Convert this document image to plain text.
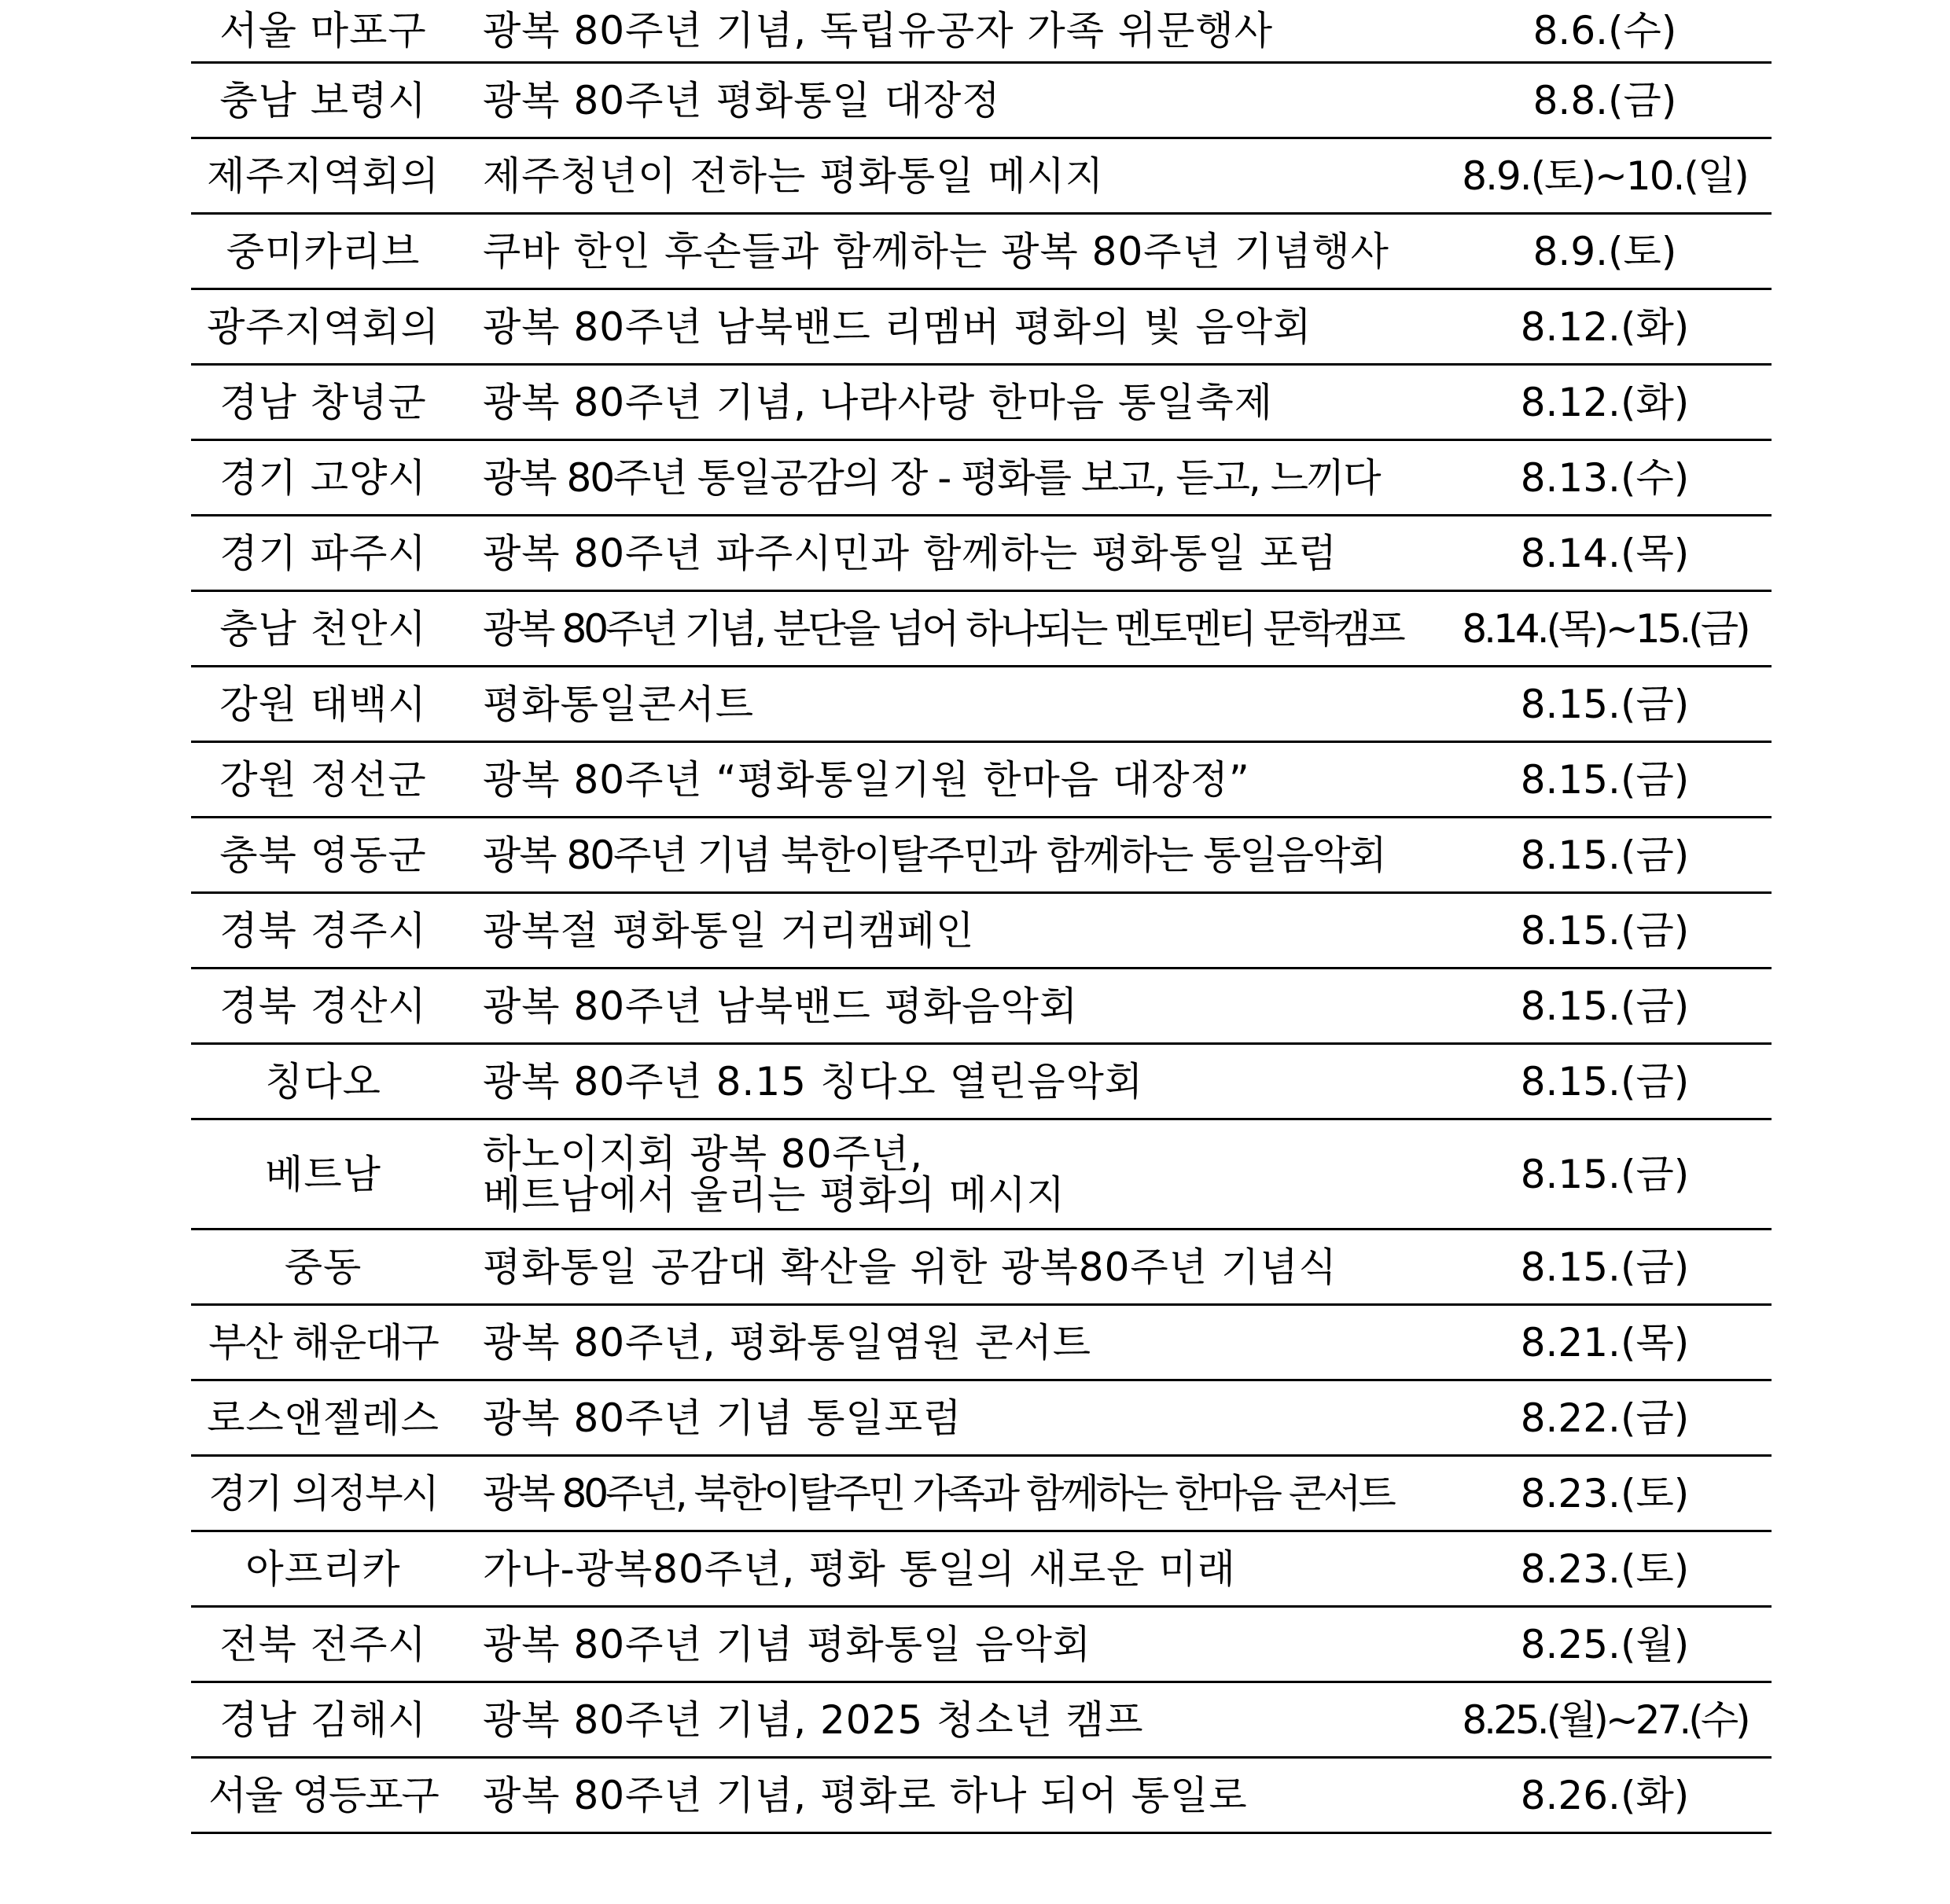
서울 마포구	광복 80주년 기념, 독립유공자 가족 위문행사	8.6.(수)
충남 보령시	광복 80주년 평화통일 대장정	8.8.(금)
제주지역회의	제주청년이 전하는 평화통일 메시지	8.9.(토)~10.(일)
중미카리브	쿠바 한인 후손들과 함께하는 광복 80주년 기념행사	8.9.(토)
광주지역회의	광복 80주년 남북밴드 리멤버 평화의 빛 음악회	8.12.(화)
경남 창녕군	광복 80주년 기념, 나라사랑 한마음 통일축제	8.12.(화)
경기 고양시	광복 80주년 통일공감의 장 - 평화를 보고, 듣고, 느끼다	8.13.(수)
경기 파주시	광복 80주년 파주시민과 함께하는 평화통일 포럼	8.14.(목)
충남 천안시	광복 80주년 기념, 분단을 넘어 하나되는 멘토멘티 문학캠프	8.14.(목)~15.(금)
강원 태백시	평화통일콘서트	8.15.(금)
강원 정선군	광복 80주년 “평화통일기원 한마음 대장정”	8.15.(금)
충북 영동군	광복 80주년 기념 북한이탈주민과 함께하는 통일음악회	8.15.(금)
경북 경주시	광복절 평화통일 거리캠페인	8.15.(금)
경북 경산시	광복 80주년 남북밴드 평화음악회	8.15.(금)
칭다오	광복 80주년 8.15 칭다오 열린음악회	8.15.(금)
베트남	하노이지회 광복 80주년,
베트남에서 울리는 평화의 메시지	8.15.(금)
중동	평화통일 공감대 확산을 위한 광복80주년 기념식	8.15.(금)
부산 해운대구	광복 80주년, 평화통일염원 콘서트	8.21.(목)
로스앤젤레스	광복 80주년 기념 통일포럼	8.22.(금)
경기 의정부시	광복 80주년, 북한이탈주민 가족과 함께하는 한마음 콘서트	8.23.(토)
아프리카	가나-광복80주년, 평화 통일의 새로운 미래	8.23.(토)
전북 전주시	광복 80주년 기념 평화통일 음악회	8.25.(월)
경남 김해시	광복 80주년 기념, 2025 청소년 캠프	8.25.(월)~27.(수)
서울 영등포구	광복 80주년 기념, 평화로 하나 되어 통일로	8.26.(화)
